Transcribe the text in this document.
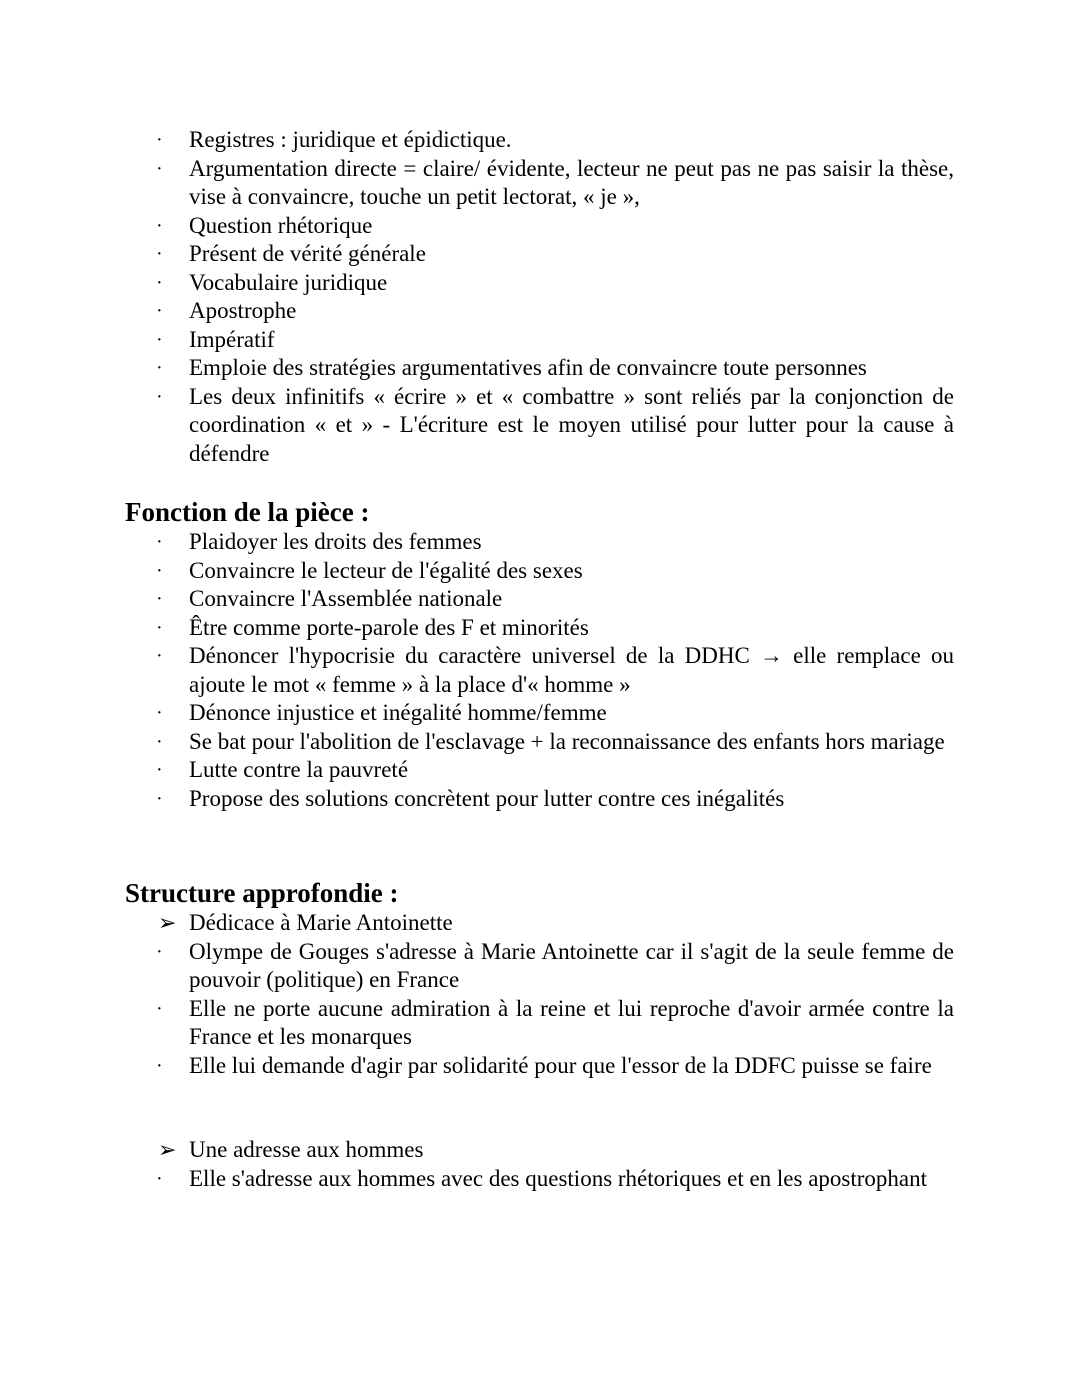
· Registres : juridique et épidictique.
· Argumentation directe = claire/ évidente, lecteur ne peut pas ne pas saisir la thèse, vise à convaincre, touche un petit lectorat, « je »,
· Question rhétorique
· Présent de vérité générale
· Vocabulaire juridique
· Apostrophe
· Impératif
· Emploie des stratégies argumentatives afin de convaincre toute personnes
· Les deux infinitifs « écrire » et « combattre » sont reliés par la conjonction de coordination « et » - L'écriture est le moyen utilisé pour lutter pour la cause à défendre
Fonction de la pièce :
· Plaidoyer les droits des femmes
· Convaincre le lecteur de l'égalité des sexes
· Convaincre l'Assemblée nationale
· Être comme porte-parole des F et minorités
· Dénoncer l'hypocrisie du caractère universel de la DDHC → elle remplace ou ajoute le mot « femme » à la place d'« homme »
· Dénonce injustice et inégalité homme/femme
· Se bat pour l'abolition de l'esclavage + la reconnaissance des enfants hors mariage
· Lutte contre la pauvreté
· Propose des solutions concrètent pour lutter contre ces inégalités
Structure approfondie :
➢ Dédicace à Marie Antoinette
· Olympe de Gouges s'adresse à Marie Antoinette car il s'agit de la seule femme de pouvoir (politique) en France
· Elle ne porte aucune admiration à la reine et lui reproche d'avoir armée contre la France et les monarques
· Elle lui demande d'agir par solidarité pour que l'essor de la DDFC puisse se faire
➢ Une adresse aux hommes
· Elle s'adresse aux hommes avec des questions rhétoriques et en les apostrophant
